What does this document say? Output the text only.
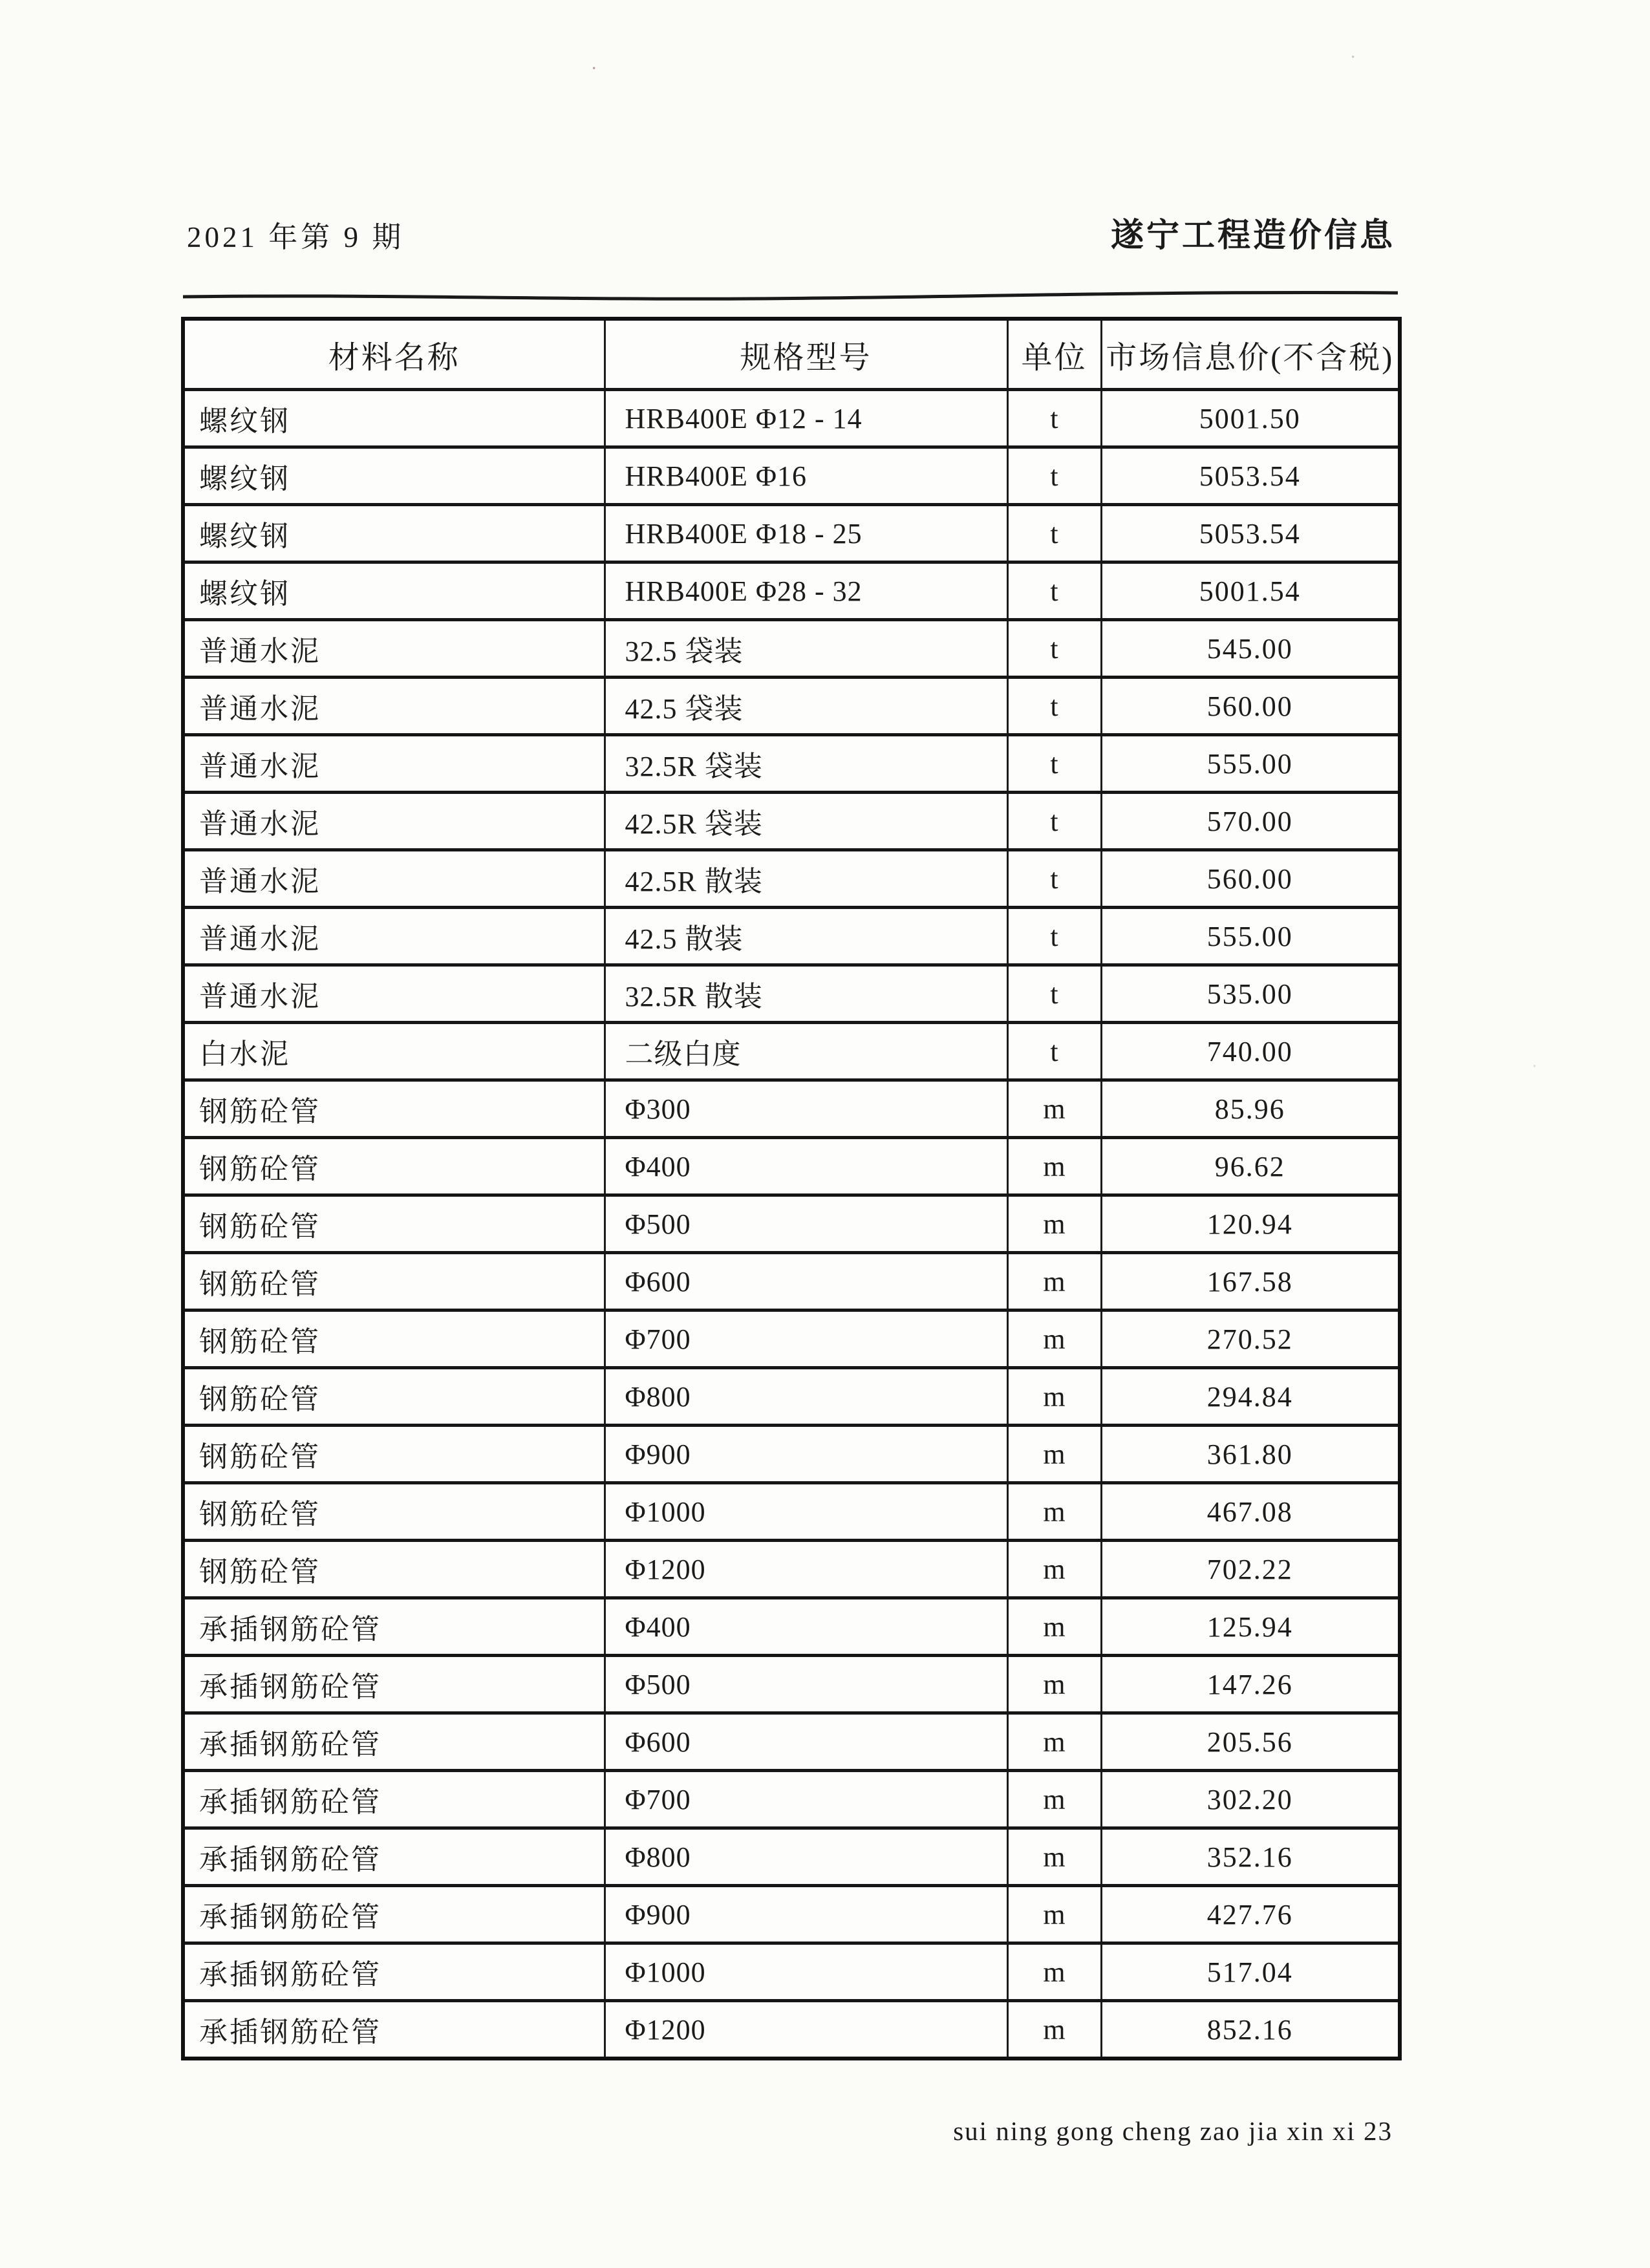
2021 年第 9 期	遂宁工程造价信息
材料名称	规格型号	单位	市场信息价(不含税)
螺纹钢	HRB400E Φ12 - 14	t	5001.50
螺纹钢	HRB400E Φ16	t	5053.54
螺纹钢	HRB400E Φ18 - 25	t	5053.54
螺纹钢	HRB400E Φ28 - 32	t	5001.54
普通水泥	32.5 袋装	t	545.00
普通水泥	42.5 袋装	t	560.00
普通水泥	32.5R 袋装	t	555.00
普通水泥	42.5R 袋装	t	570.00
普通水泥	42.5R 散装	t	560.00
普通水泥	42.5 散装	t	555.00
普通水泥	32.5R 散装	t	535.00
白水泥	二级白度	t	740.00
钢筋砼管	Φ300	m	85.96
钢筋砼管	Φ400	m	96.62
钢筋砼管	Φ500	m	120.94
钢筋砼管	Φ600	m	167.58
钢筋砼管	Φ700	m	270.52
钢筋砼管	Φ800	m	294.84
钢筋砼管	Φ900	m	361.80
钢筋砼管	Φ1000	m	467.08
钢筋砼管	Φ1200	m	702.22
承插钢筋砼管	Φ400	m	125.94
承插钢筋砼管	Φ500	m	147.26
承插钢筋砼管	Φ600	m	205.56
承插钢筋砼管	Φ700	m	302.20
承插钢筋砼管	Φ800	m	352.16
承插钢筋砼管	Φ900	m	427.76
承插钢筋砼管	Φ1000	m	517.04
承插钢筋砼管	Φ1200	m	852.16
sui ning gong cheng zao jia xin xi 23
